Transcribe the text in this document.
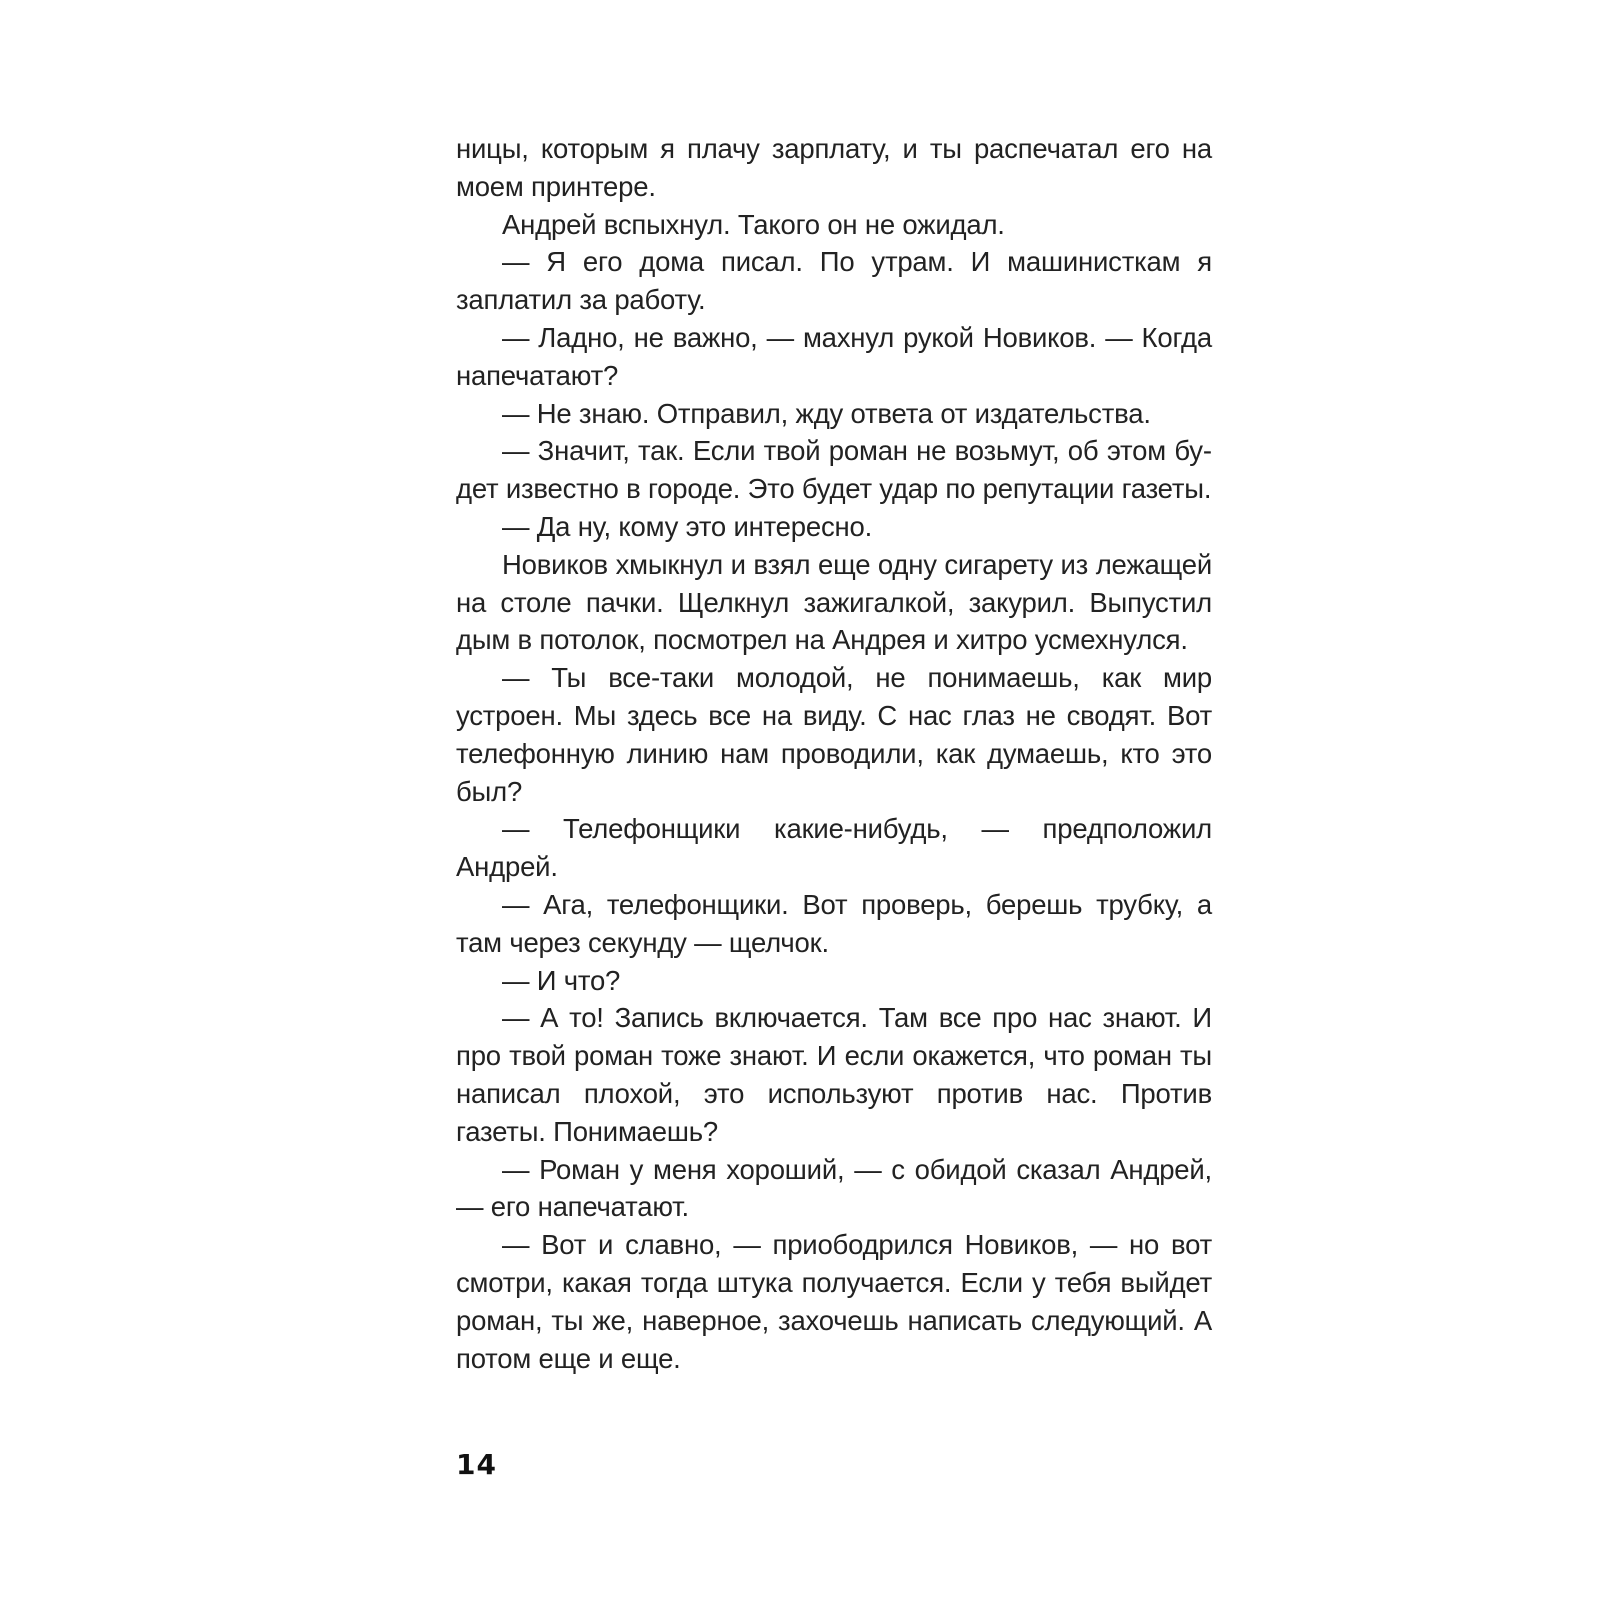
ницы, которым я плачу зарплату, и ты распечатал его на моем принтере.

Андрей вспыхнул. Такого он не ожидал.

— Я его дома писал. По утрам. И машинисткам я заплатил за работу.

— Ладно, не важно, — махнул рукой Новиков. — Когда напечатают?

— Не знаю. Отправил, жду ответа от издательства.

— Значит, так. Если твой роман не возьмут, об этом будет известно в городе. Это будет удар по репутации газеты.

— Да ну, кому это интересно.

Новиков хмыкнул и взял еще одну сигарету из лежащей на столе пачки. Щелкнул зажигалкой, закурил. Выпустил дым в потолок, посмотрел на Андрея и хитро усмехнулся.

— Ты все-таки молодой, не понимаешь, как мир устроен. Мы здесь все на виду. С нас глаз не сводят. Вот телефонную линию нам проводили, как думаешь, кто это был?

— Телефонщики какие-нибудь, — предположил Андрей.

— Ага, телефонщики. Вот проверь, берешь трубку, а там через секунду — щелчок.

— И что?

— А то! Запись включается. Там все про нас знают. И про твой роман тоже знают. И если окажется, что роман ты написал плохой, это используют против нас. Против газеты. Понимаешь?

— Роман у меня хороший, — с обидой сказал Андрей, — его напечатают.

— Вот и славно, — приободрился Новиков, — но вот смотри, какая тогда штука получается. Если у тебя выйдет роман, ты же, наверное, захочешь написать следующий. А потом еще и еще.

14
